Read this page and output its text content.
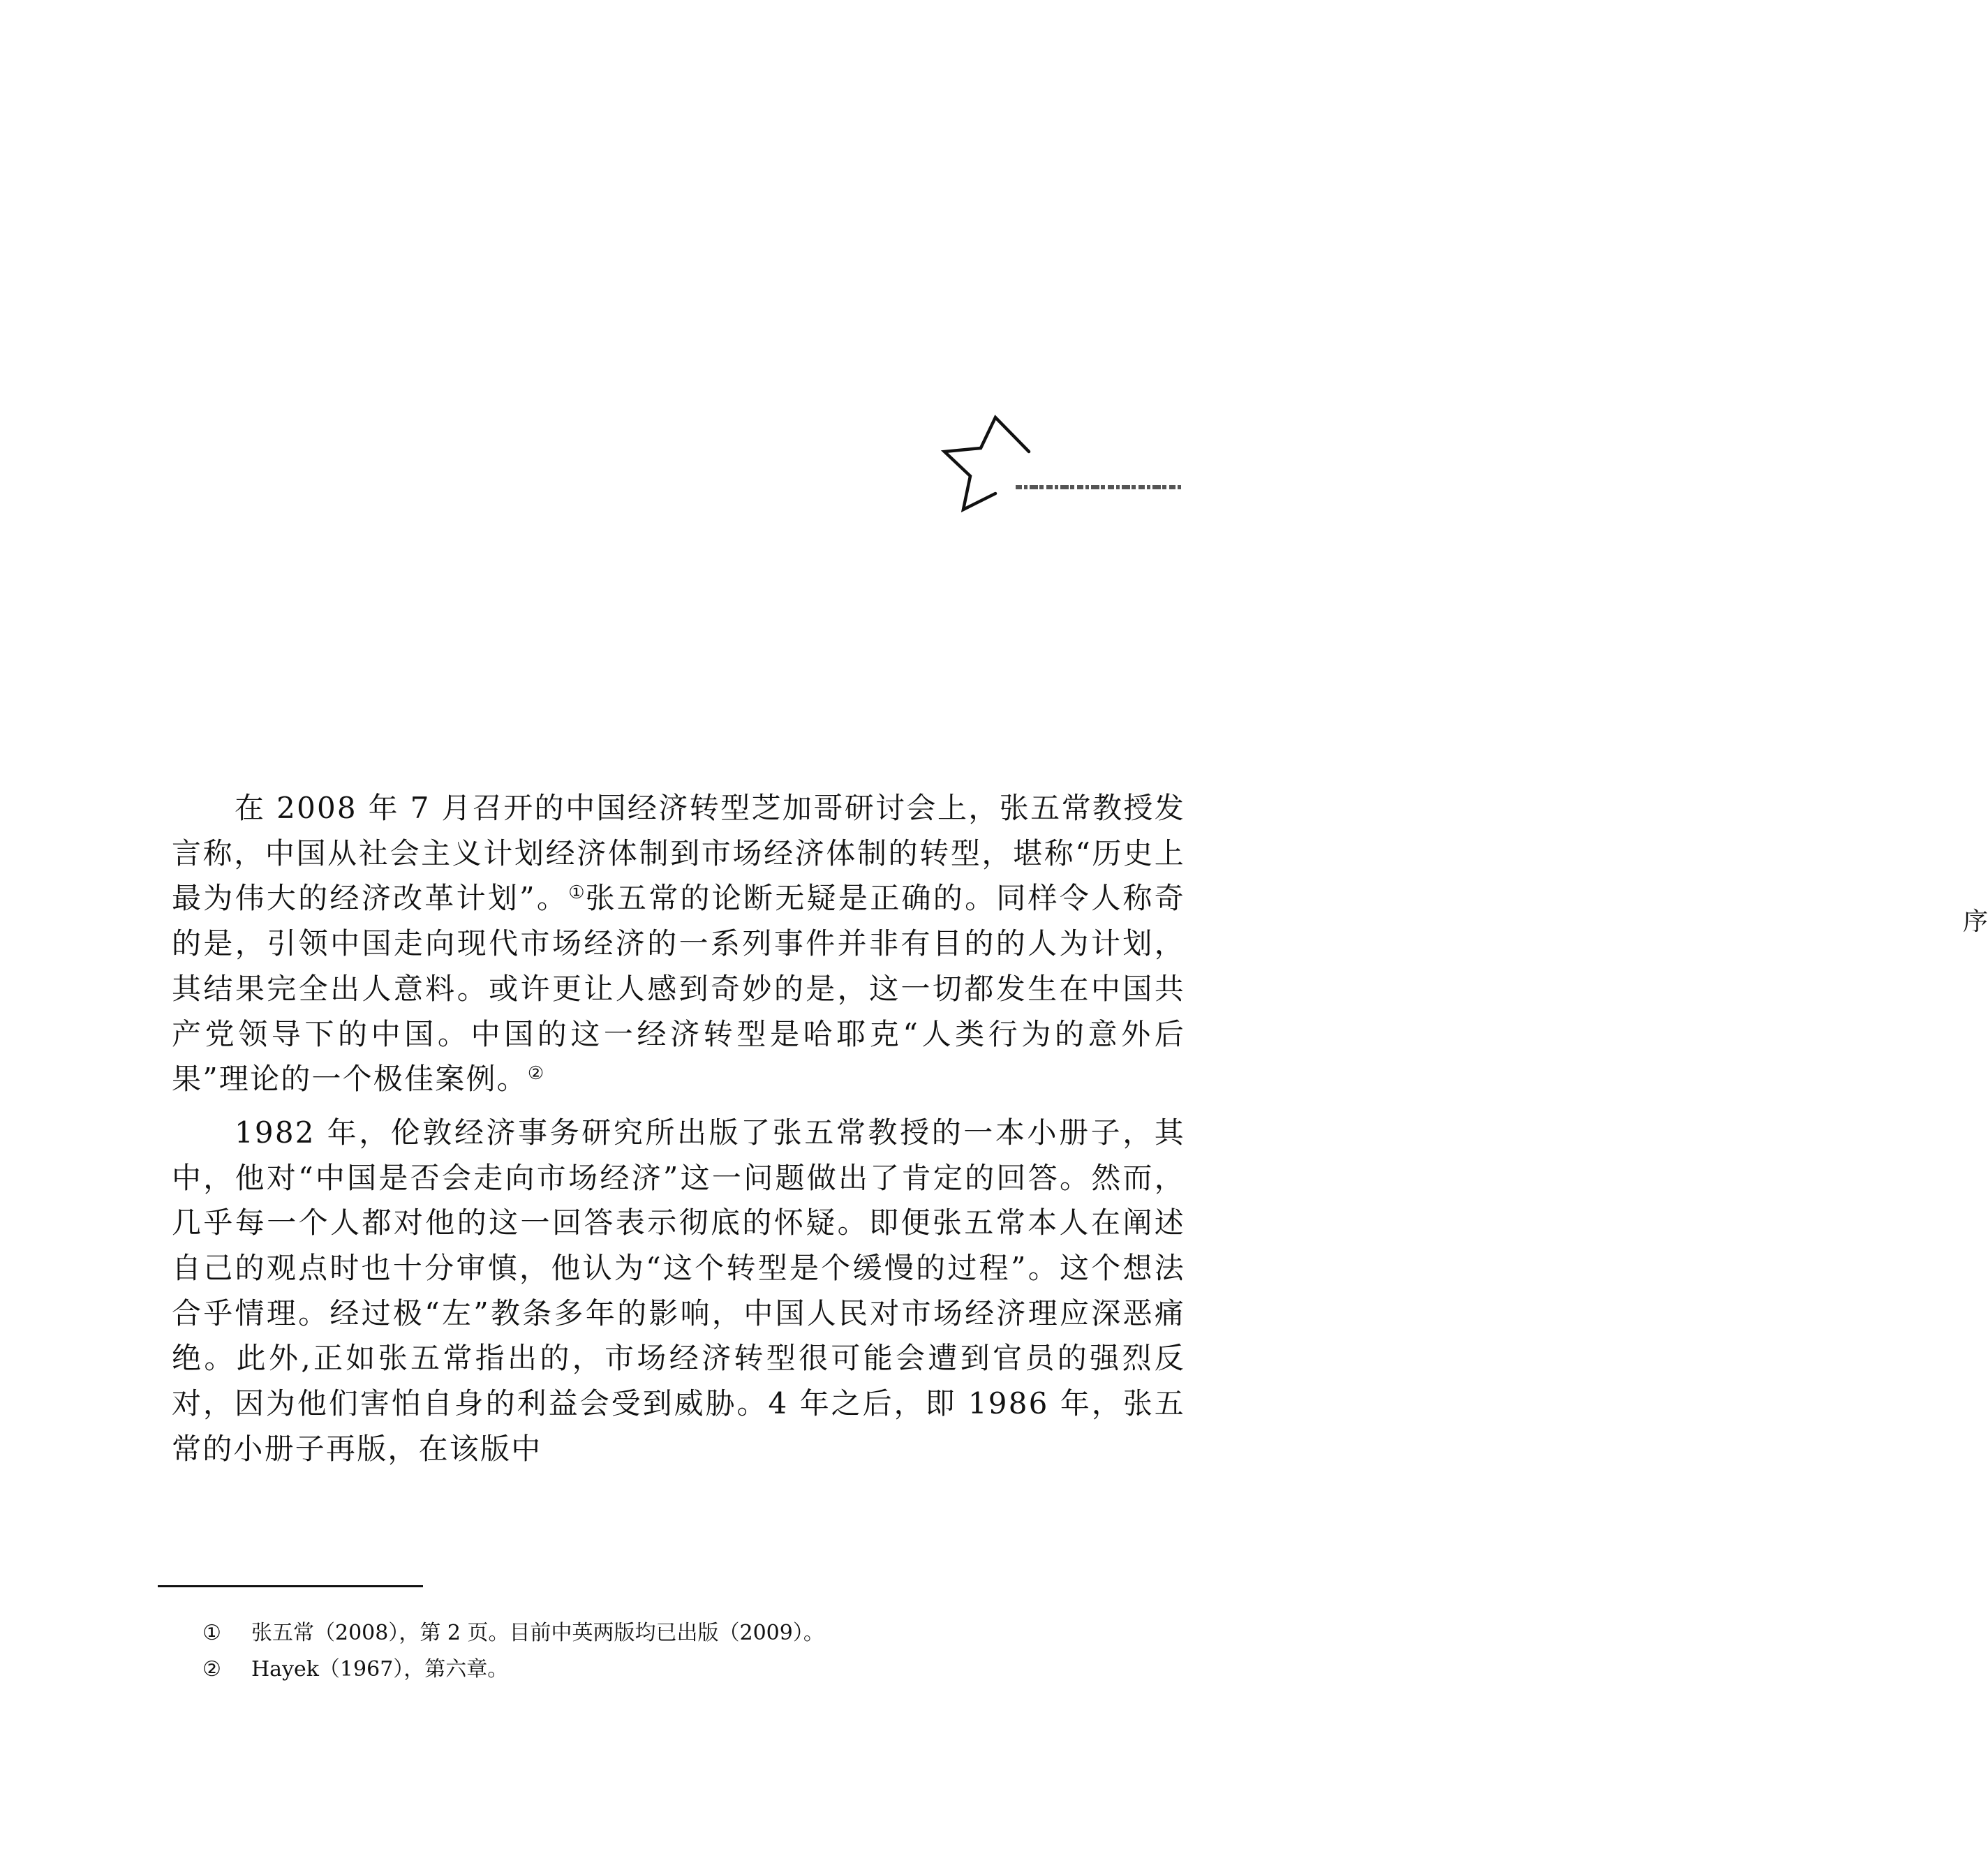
序

在 2008 年 7 月召开的中国经济转型芝加哥研讨会上，张五常教授发言称，中国从社会主义计划经济体制到市场经济体制的转型，堪称“历史上最为伟大的经济改革计划”。①张五常的论断无疑是正确的。同样令人称奇的是，引领中国走向现代市场经济的一系列事件并非有目的的人为计划，其结果完全出人意料。或许更让人感到奇妙的是，这一切都发生在中国共产党领导下的中国。中国的这一经济转型是哈耶克“人类行为的意外后果”理论的一个极佳案例。②

1982 年，伦敦经济事务研究所出版了张五常教授的一本小册子，其中，他对“中国是否会走向市场经济”这一问题做出了肯定的回答。然而，几乎每一个人都对他的这一回答表示彻底的怀疑。即便张五常本人在阐述自己的观点时也十分审慎，他认为“这个转型是个缓慢的过程”。这个想法合乎情理。经过极“左”教条多年的影响，中国人民对市场经济理应深恶痛绝。此外,正如张五常指出的，市场经济转型很可能会遭到官员的强烈反对，因为他们害怕自身的利益会受到威胁。4 年之后，即 1986 年，张五常的小册子再版，在该版中

①	张五常（2008），第 2 页。目前中英两版均已出版（2009）。
②	Hayek（1967），第六章。
